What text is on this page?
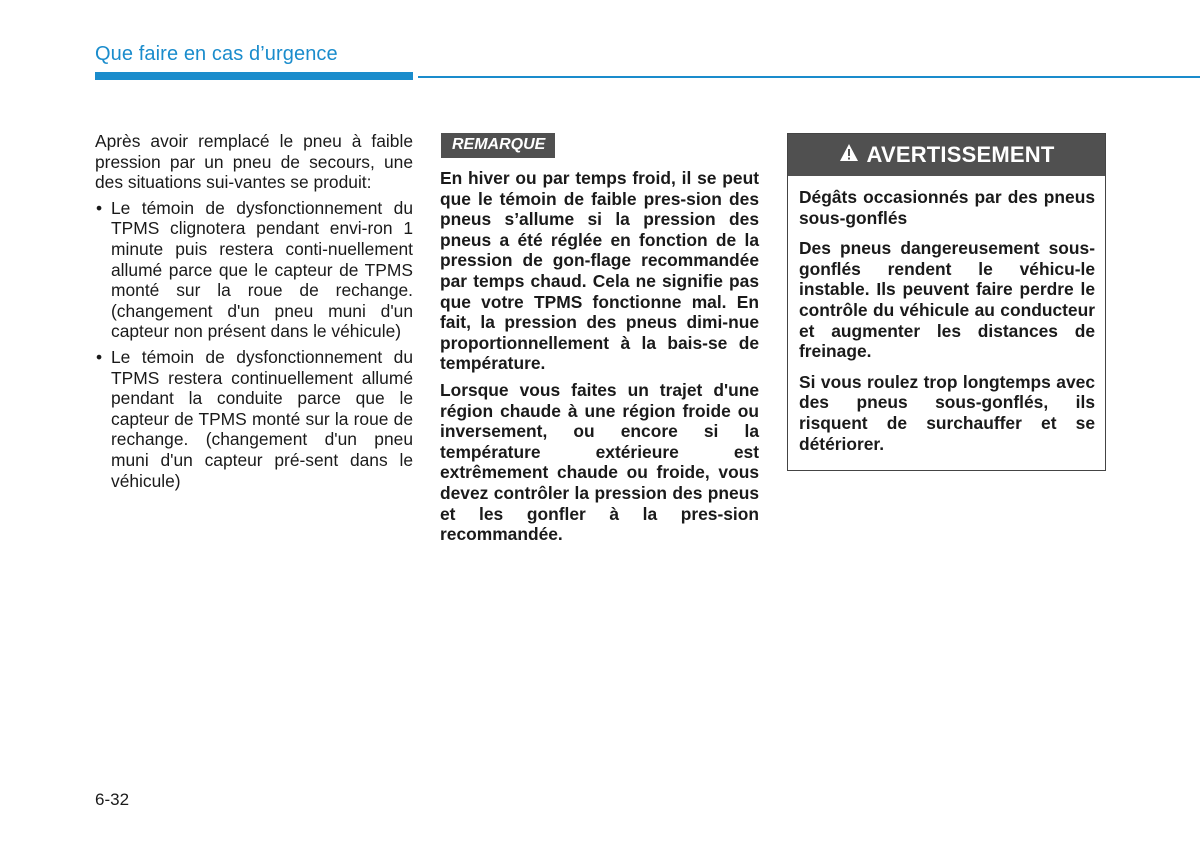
Que faire en cas d’urgence

Après avoir remplacé le pneu à faible pression par un pneu de secours, une des situations sui-vantes se produit:

• Le témoin de dysfonctionnement du TPMS clignotera pendant envi-ron 1 minute puis restera conti-nuellement allumé parce que le capteur de TPMS monté sur la roue de rechange. (changement d'un pneu muni d'un capteur non présent dans le véhicule)
• Le témoin de dysfonctionnement du TPMS restera continuellement allumé pendant la conduite parce que le capteur de TPMS monté sur la roue de rechange. (changement d'un pneu muni d'un capteur pré-sent dans le véhicule)
REMARQUE

En hiver ou par temps froid, il se peut que le témoin de faible pres-sion des pneus s’allume si la pression des pneus a été réglée en fonction de la pression de gon-flage recommandée par temps chaud. Cela ne signifie pas que votre TPMS fonctionne mal. En fait, la pression des pneus dimi-nue proportionnellement à la bais-se de température.

Lorsque vous faites un trajet d'une région chaude à une région froide ou inversement, ou encore si la température extérieure est extrêmement chaude ou froide, vous devez contrôler la pression des pneus et les gonfler à la pres-sion recommandée.

AVERTISSEMENT

Dégâts occasionnés par des pneus sous-gonflés

Des pneus dangereusement sous-gonflés rendent le véhicu-le instable. Ils peuvent faire perdre le contrôle du véhicule au conducteur et augmenter les distances de freinage.

Si vous roulez trop longtemps avec des pneus sous-gonflés, ils risquent de surchauffer et se détériorer.

6-32
